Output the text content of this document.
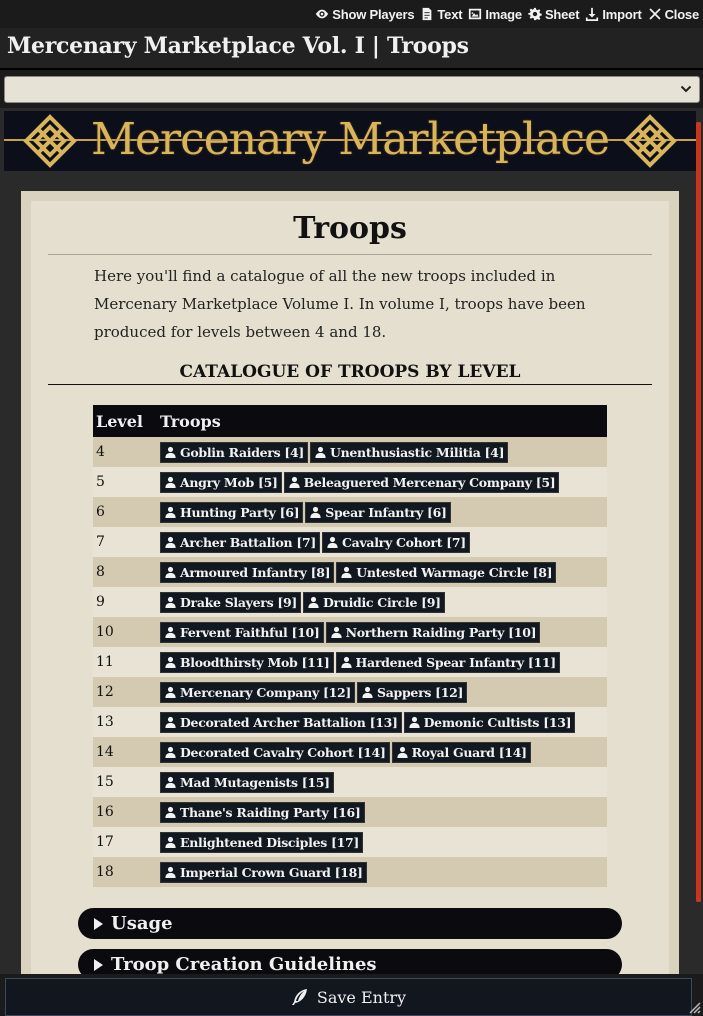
Show Players Text Image Sheet Import Close
Mercenary Marketplace Vol. I | Troops
Mercenary Marketplace
Troops
Here you'll find a catalogue of all the new troops included in Mercenary Marketplace Volume I. In volume I, troops have been produced for levels between 4 and 18.
CATALOGUE OF TROOPS BY LEVEL
Level	Troops
4	Goblin Raiders [4] Unenthusiastic Militia [4]

5	Angry Mob [5] Beleaguered Mercenary Company [5]

6	Hunting Party [6] Spear Infantry [6]

7	Archer Battalion [7] Cavalry Cohort [7]

8	Armoured Infantry [8] Untested Warmage Circle [8]

9	Drake Slayers [9] Druidic Circle [9]

10	Fervent Faithful [10] Northern Raiding Party [10]

11	Bloodthirsty Mob [11] Hardened Spear Infantry [11]

12	Mercenary Company [12] Sappers [12]

13	Decorated Archer Battalion [13] Demonic Cultists [13]

14	Decorated Cavalry Cohort [14] Royal Guard [14]

15	Mad Mutagenists [15]

16	Thane's Raiding Party [16]

17	Enlightened Disciples [17]

18	Imperial Crown Guard [18]
Usage
Troop Creation Guidelines
Save Entry
